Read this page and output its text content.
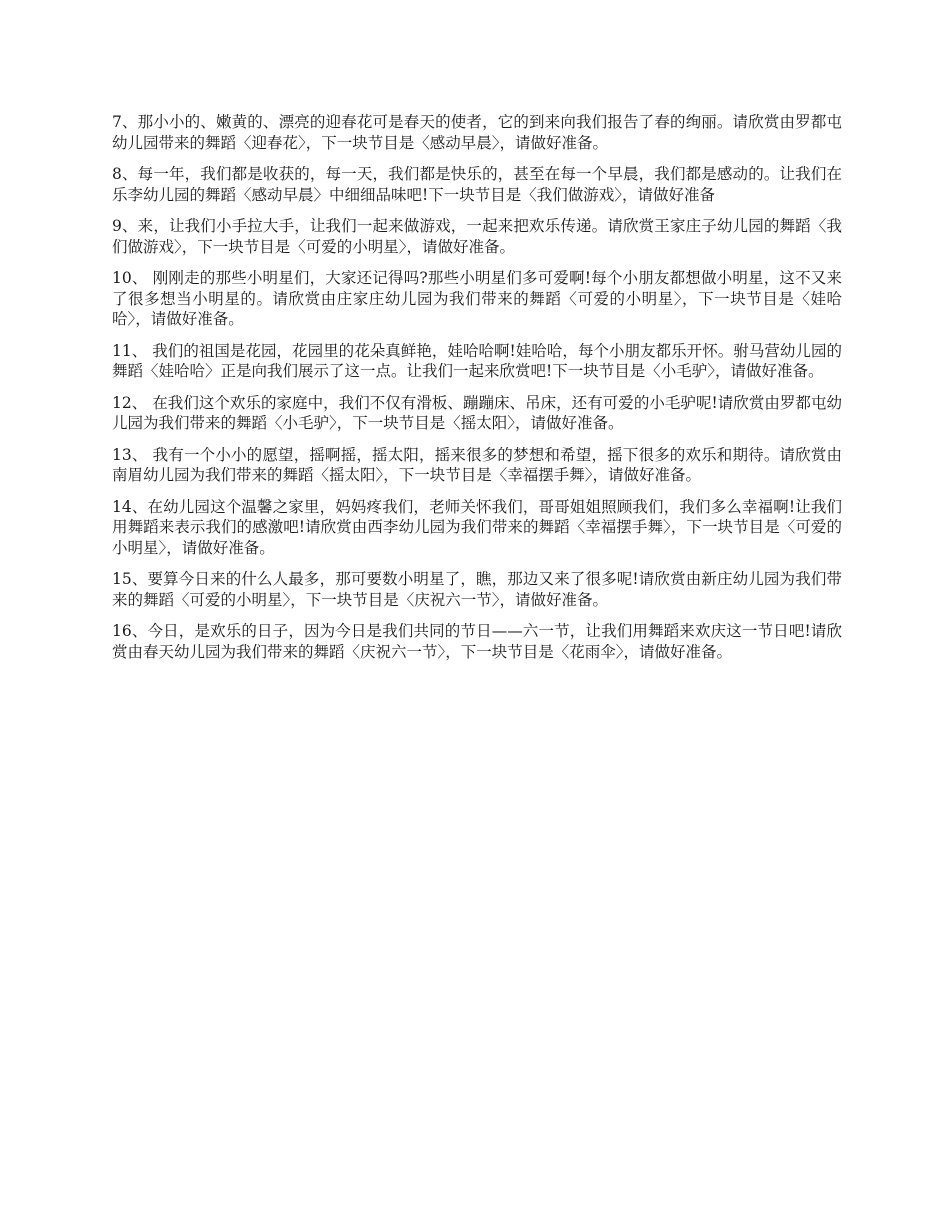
7、那小小的、嫩黄的、漂亮的迎春花可是春天的使者，它的到来向我们报告了春的绚丽。请欣赏由罗都屯幼儿园带来的舞蹈〈迎春花〉，下一块节目是〈感动早晨〉，请做好准备。

8、每一年，我们都是收获的，每一天，我们都是快乐的，甚至在每一个早晨，我们都是感动的。让我们在乐李幼儿园的舞蹈〈感动早晨〉中细细品味吧!下一块节目是〈我们做游戏〉，请做好准备

9、来，让我们小手拉大手，让我们一起来做游戏，一起来把欢乐传递。请欣赏王家庄子幼儿园的舞蹈〈我们做游戏〉，下一块节目是〈可爱的小明星〉，请做好准备。

10、 刚刚走的那些小明星们，大家还记得吗?那些小明星们多可爱啊!每个小朋友都想做小明星，这不又来了很多想当小明星的。请欣赏由庄家庄幼儿园为我们带来的舞蹈〈可爱的小明星〉，下一块节目是〈娃哈哈〉，请做好准备。

11、 我们的祖国是花园，花园里的花朵真鲜艳，娃哈哈啊!娃哈哈，每个小朋友都乐开怀。驸马营幼儿园的舞蹈〈娃哈哈〉正是向我们展示了这一点。让我们一起来欣赏吧!下一块节目是〈小毛驴〉，请做好准备。

12、 在我们这个欢乐的家庭中，我们不仅有滑板、蹦蹦床、吊床，还有可爱的小毛驴呢!请欣赏由罗都屯幼儿园为我们带来的舞蹈〈小毛驴〉，下一块节目是〈摇太阳〉，请做好准备。

13、 我有一个小小的愿望，摇啊摇，摇太阳，摇来很多的梦想和希望，摇下很多的欢乐和期待。请欣赏由南眉幼儿园为我们带来的舞蹈〈摇太阳〉，下一块节目是〈幸福摆手舞〉，请做好准备。

14、在幼儿园这个温馨之家里，妈妈疼我们，老师关怀我们，哥哥姐姐照顾我们，我们多么幸福啊!让我们用舞蹈来表示我们的感激吧!请欣赏由西李幼儿园为我们带来的舞蹈〈幸福摆手舞〉，下一块节目是〈可爱的小明星〉，请做好准备。

15、要算今日来的什么人最多，那可要数小明星了，瞧，那边又来了很多呢!请欣赏由新庄幼儿园为我们带来的舞蹈〈可爱的小明星〉，下一块节目是〈庆祝六一节〉，请做好准备。

16、今日，是欢乐的日子，因为今日是我们共同的节日——六一节，让我们用舞蹈来欢庆这一节日吧!请欣赏由春天幼儿园为我们带来的舞蹈〈庆祝六一节〉，下一块节目是〈花雨伞〉，请做好准备。
